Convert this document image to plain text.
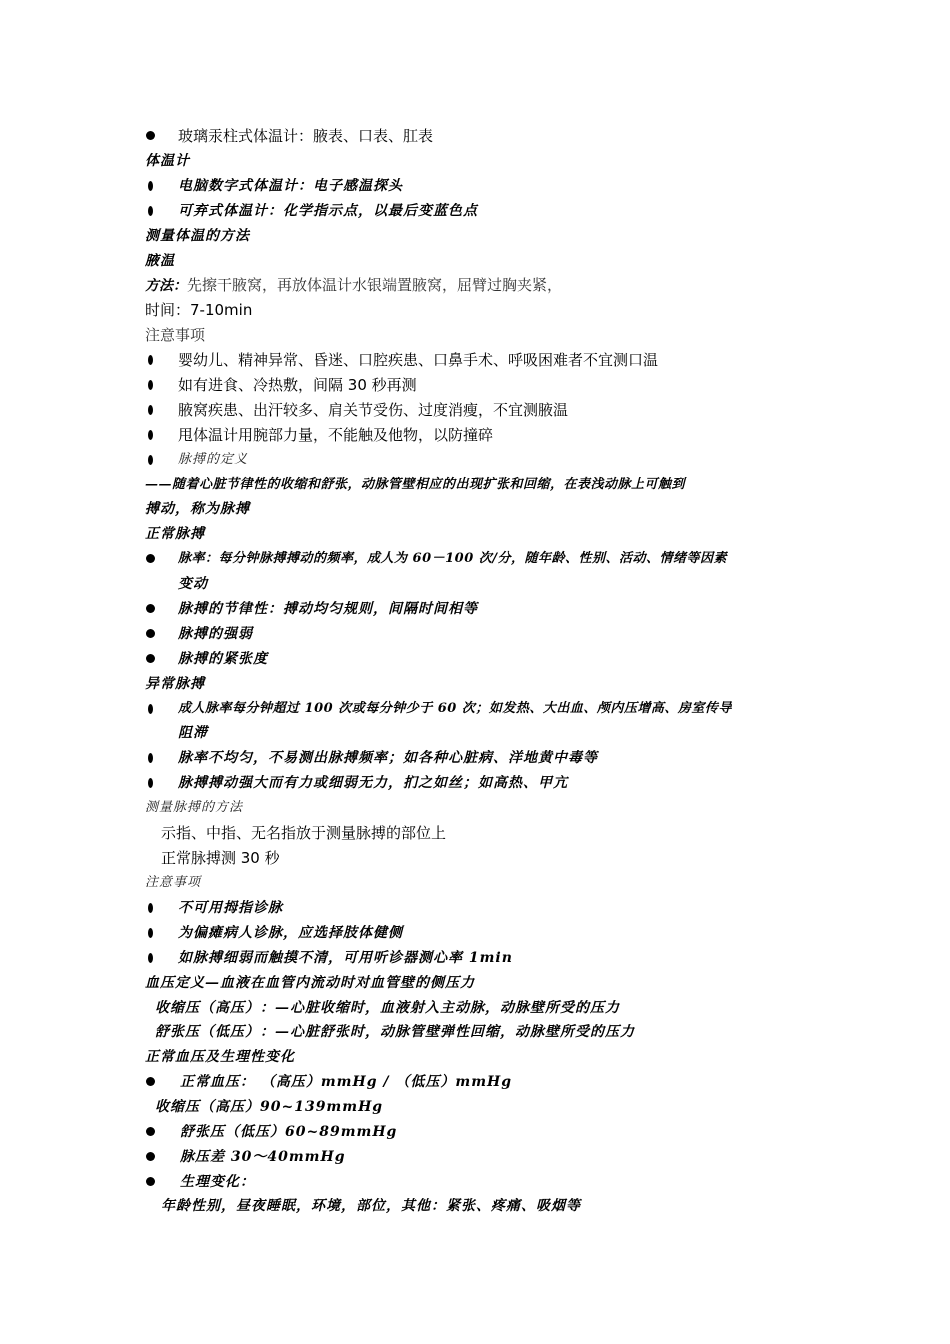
玻璃汞柱式体温计：腋表、口表、肛表
体温计
电脑数字式体温计：电子感温探头
可弃式体温计：化学指示点，以最后变蓝色点
测量体温的方法
腋温
方法：先擦干腋窝，再放体温计水银端置腋窝，屈臂过胸夹紧，
时间：7-10min
注意事项
婴幼儿、精神异常、昏迷、口腔疾患、口鼻手术、呼吸困难者不宜测口温
如有进食、冷热敷，间隔 30 秒再测
腋窝疾患、出汗较多、肩关节受伤、过度消瘦，不宜测腋温
甩体温计用腕部力量，不能触及他物，以防撞碎
脉搏的定义
——随着心脏节律性的收缩和舒张，动脉管壁相应的出现扩张和回缩，在表浅动脉上可触到
搏动，称为脉搏
正常脉搏
脉率：每分钟脉搏搏动的频率，成人为 60－100 次/分，随年龄、性别、活动、情绪等因素
变动
脉搏的节律性：搏动均匀规则，间隔时间相等
脉搏的强弱
脉搏的紧张度
异常脉搏
成人脉率每分钟超过 100 次或每分钟少于 60 次；如发热、大出血、颅内压增高、房室传导
阻滞
脉率不均匀，不易测出脉搏频率；如各种心脏病、洋地黄中毒等
脉搏搏动强大而有力或细弱无力，扪之如丝；如高热、甲亢
测量脉搏的方法
示指、中指、无名指放于测量脉搏的部位上
正常脉搏测 30 秒
注意事项
不可用拇指诊脉
为偏瘫病人诊脉，应选择肢体健侧
如脉搏细弱而触摸不清，可用听诊器测心率 1min
血压定义—血液在血管内流动时对血管壁的侧压力
收缩压（高压）：—心脏收缩时，血液射入主动脉，动脉壁所受的压力
舒张压（低压）：—心脏舒张时，动脉管壁弹性回缩，动脉壁所受的压力
正常血压及生理性变化
正常血压： （高压）mmHg / （低压）mmHg
收缩压（高压）90~139mmHg
舒张压（低压）60~89mmHg
脉压差 30～40mmHg
生理变化：
年龄性别，昼夜睡眠，环境，部位，其他：紧张、疼痛、吸烟等
